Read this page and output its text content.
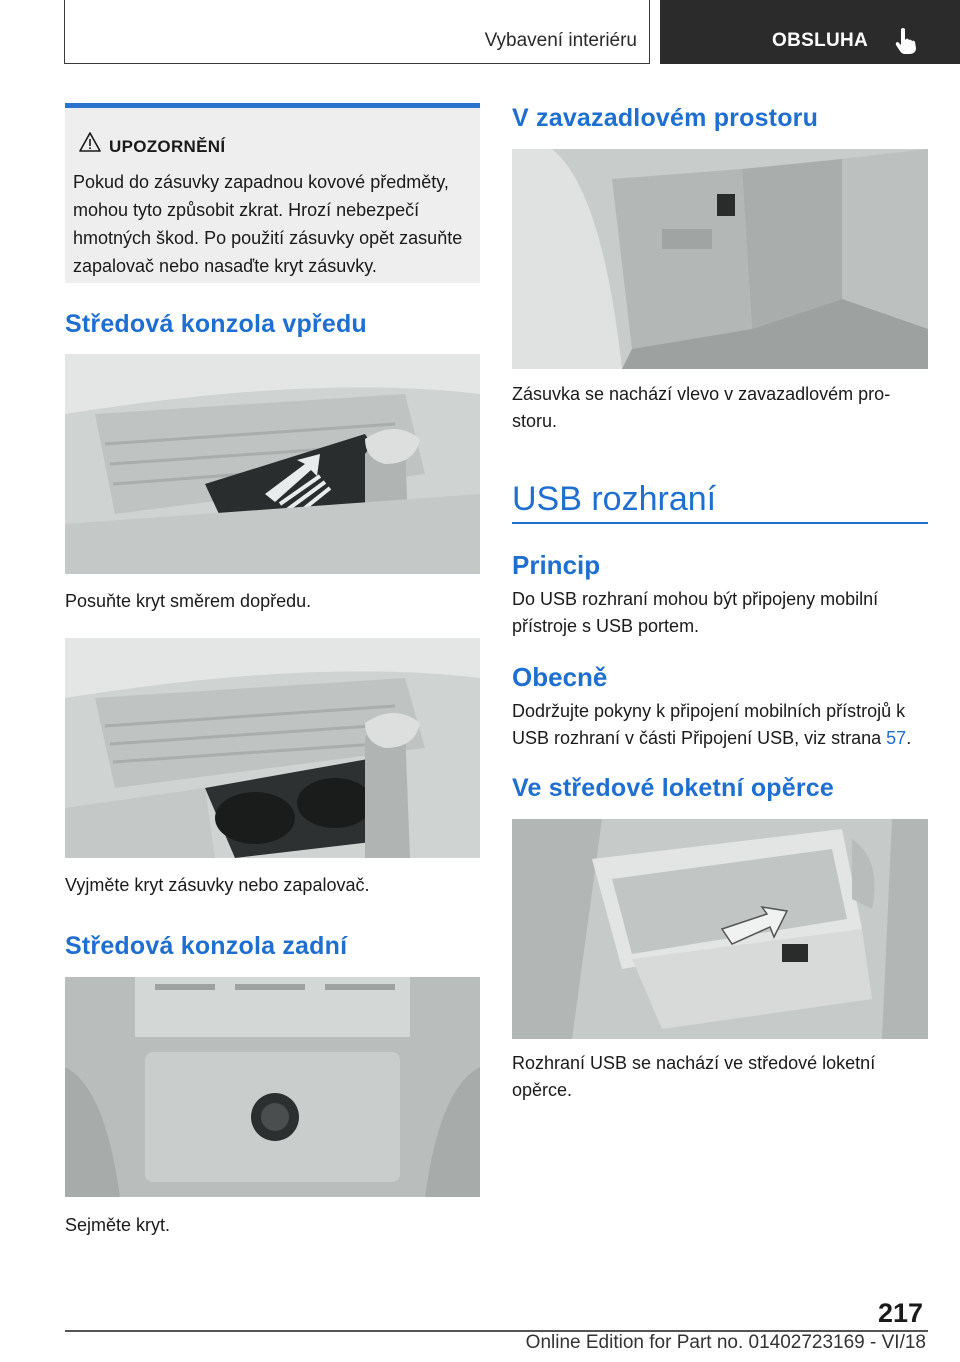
Vybavení interiéru	OBSLUHA
UPOZORNĚNÍ
Pokud do zásuvky zapadnou kovové předměty, mohou tyto způsobit zkrat. Hrozí nebezpečí hmotných škod. Po použití zásuvky opět zasuňte zapalovač nebo nasaďte kryt zásuvky.
Středová konzola vpředu

Posuňte kryt směrem dopředu.

Vyjměte kryt zásuvky nebo zapalovač.

Středová konzola zadní

Sejměte kryt.

V zavazadlovém prostoru

Zásuvka se nachází vlevo v zavazadlovém prostoru.

USB rozhraní
Princip

Do USB rozhraní mohou být připojeny mobilní přístroje s USB portem.

Obecně

Dodržujte pokyny k připojení mobilních přístrojů k USB rozhraní v části Připojení USB, viz strana 57.

Ve středové loketní opěrce

Rozhraní USB se nachází ve středové loketní opěrce.

217
Online Edition for Part no. 01402723169 - VI/18
